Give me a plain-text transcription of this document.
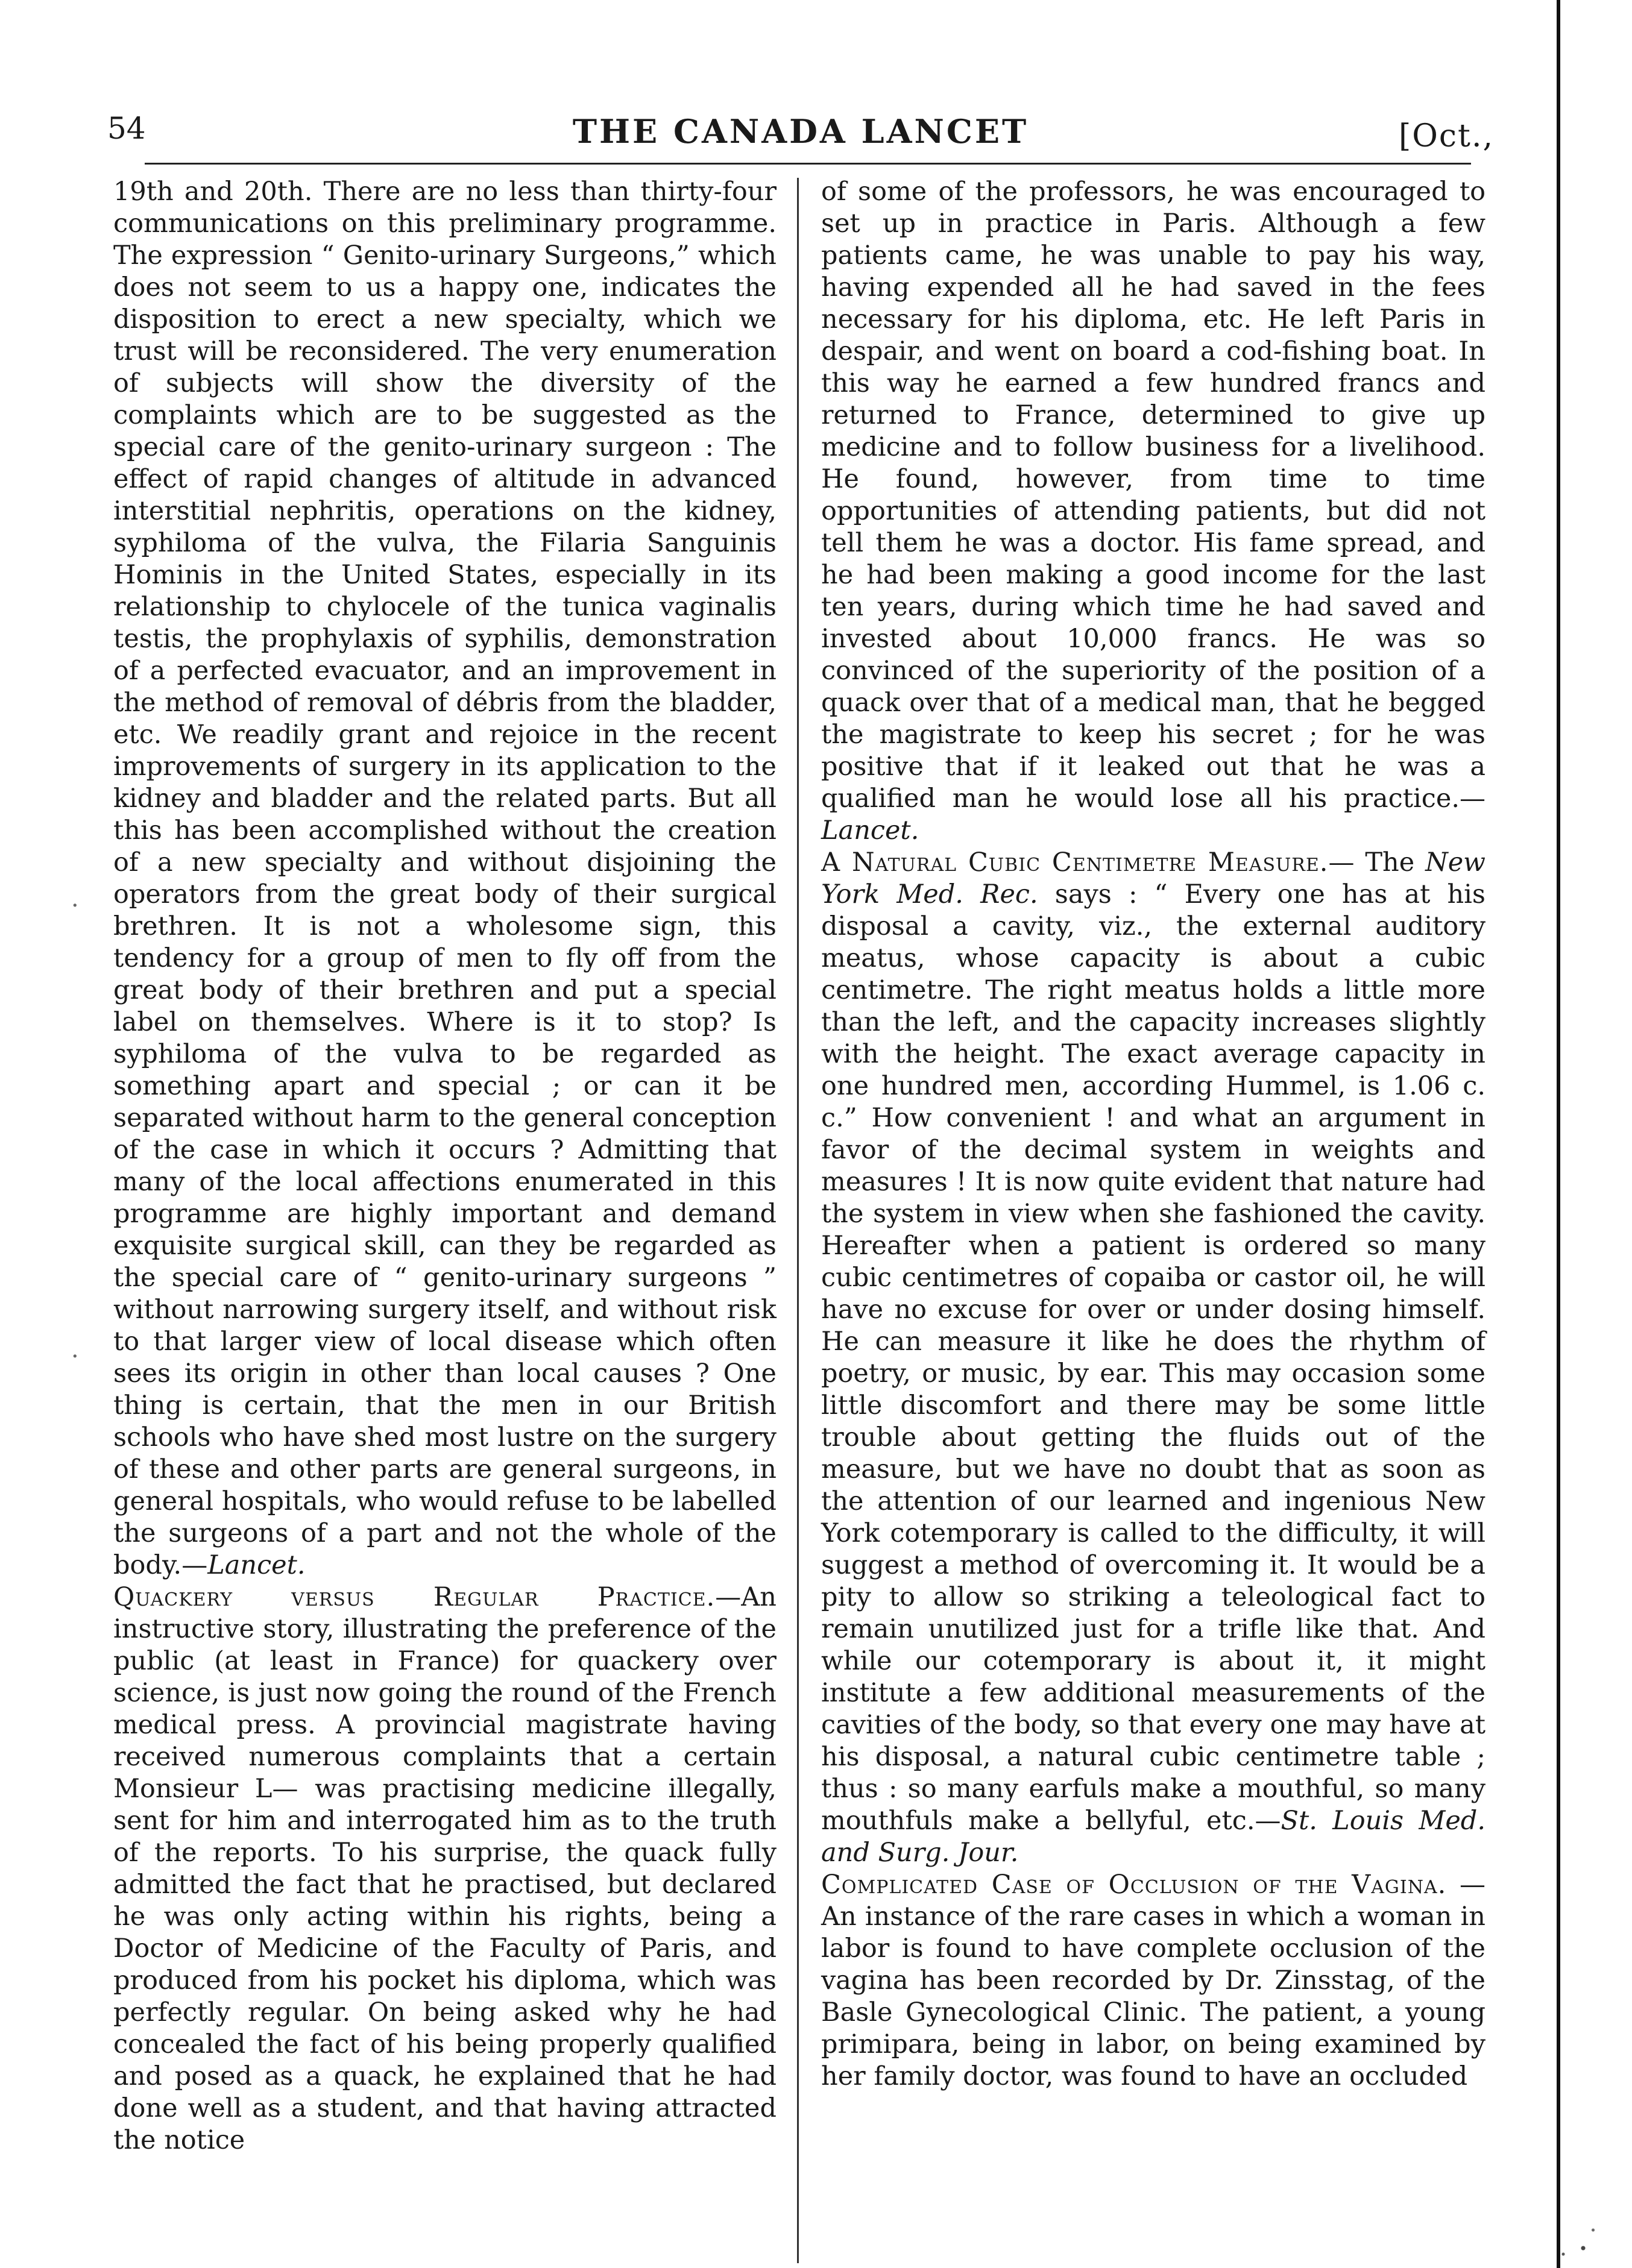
54	THE CANADA LANCET	[Oct.,
·
·

19th and 20th. There are no less than thirty-four communications on this preliminary programme. The expression “ Genito-urinary Surgeons,” which does not seem to us a happy one, indicates the disposition to erect a new specialty, which we trust will be reconsidered. The very enumeration of subjects will show the diversity of the complaints which are to be suggested as the special care of the genito-urinary surgeon : The effect of rapid changes of altitude in advanced interstitial nephritis, operations on the kidney, syphiloma of the vulva, the Filaria Sanguinis Hominis in the United States, especially in its relationship to chylocele of the tunica vaginalis testis, the prophylaxis of syphilis, demonstration of a perfected evacuator, and an improvement in the method of removal of débris from the bladder, etc. We readily grant and rejoice in the recent improvements of surgery in its application to the kidney and bladder and the related parts. But all this has been accomplished without the creation of a new specialty and without disjoining the operators from the great body of their surgical brethren. It is not a wholesome sign, this tendency for a group of men to fly off from the great body of their brethren and put a special label on themselves. Where is it to stop? Is syphiloma of the vulva to be regarded as something apart and special ; or can it be separated without harm to the general conception of the case in which it occurs ? Admitting that many of the local affections enumerated in this programme are highly important and demand exquisite surgical skill, can they be regarded as the special care of “ genito-urinary surgeons ” without narrowing surgery itself, and without risk to that larger view of local disease which often sees its origin in other than local causes ? One thing is certain, that the men in our British schools who have shed most lustre on the surgery of these and other parts are general surgeons, in general hospitals, who would refuse to be labelled the surgeons of a part and not the whole of the body.—Lancet.

Quackery versus Regular Practice.—An instructive story, illustrating the preference of the public (at least in France) for quackery over science, is just now going the round of the French medical press. A provincial magistrate having received numerous complaints that a certain Monsieur L— was practising medicine illegally, sent for him and interrogated him as to the truth of the reports. To his surprise, the quack fully admitted the fact that he practised, but declared he was only acting within his rights, being a Doctor of Medicine of the Faculty of Paris, and produced from his pocket his diploma, which was perfectly regular. On being asked why he had concealed the fact of his being properly qualified and posed as a quack, he explained that he had done well as a student, and that having attracted the notice

of some of the professors, he was encouraged to set up in practice in Paris. Although a few patients came, he was unable to pay his way, having expended all he had saved in the fees necessary for his diploma, etc. He left Paris in despair, and went on board a cod-fishing boat. In this way he earned a few hundred francs and returned to France, determined to give up medicine and to follow business for a livelihood. He found, however, from time to time opportunities of attending patients, but did not tell them he was a doctor. His fame spread, and he had been making a good income for the last ten years, during which time he had saved and invested about 10,000 francs. He was so convinced of the superiority of the position of a quack over that of a medical man, that he begged the magistrate to keep his secret ; for he was positive that if it leaked out that he was a qualified man he would lose all his practice.—Lancet.

A Natural Cubic Centimetre Measure.— The New York Med. Rec. says : “ Every one has at his disposal a cavity, viz., the external auditory meatus, whose capacity is about a cubic centimetre. The right meatus holds a little more than the left, and the capacity increases slightly with the height. The exact average capacity in one hundred men, according Hummel, is 1.06 c. c.” How convenient ! and what an argument in favor of the decimal system in weights and measures ! It is now quite evident that nature had the system in view when she fashioned the cavity. Hereafter when a patient is ordered so many cubic centimetres of copaiba or castor oil, he will have no excuse for over or under dosing himself. He can measure it like he does the rhythm of poetry, or music, by ear. This may occasion some little discomfort and there may be some little trouble about getting the fluids out of the measure, but we have no doubt that as soon as the attention of our learned and ingenious New York cotemporary is called to the difficulty, it will suggest a method of overcoming it. It would be a pity to allow so striking a teleological fact to remain unutilized just for a trifle like that. And while our cotemporary is about it, it might institute a few additional measurements of the cavities of the body, so that every one may have at his disposal, a natural cubic centimetre table ; thus : so many earfuls make a mouthful, so many mouthfuls make a bellyful, etc.—St. Louis Med. and Surg. Jour.

Complicated Case of Occlusion of the Vagina. —An instance of the rare cases in which a woman in labor is found to have complete occlusion of the vagina has been recorded by Dr. Zinsstag, of the Basle Gynecological Clinic. The patient, a young primipara, being in labor, on being examined by her family doctor, was found to have an occluded
